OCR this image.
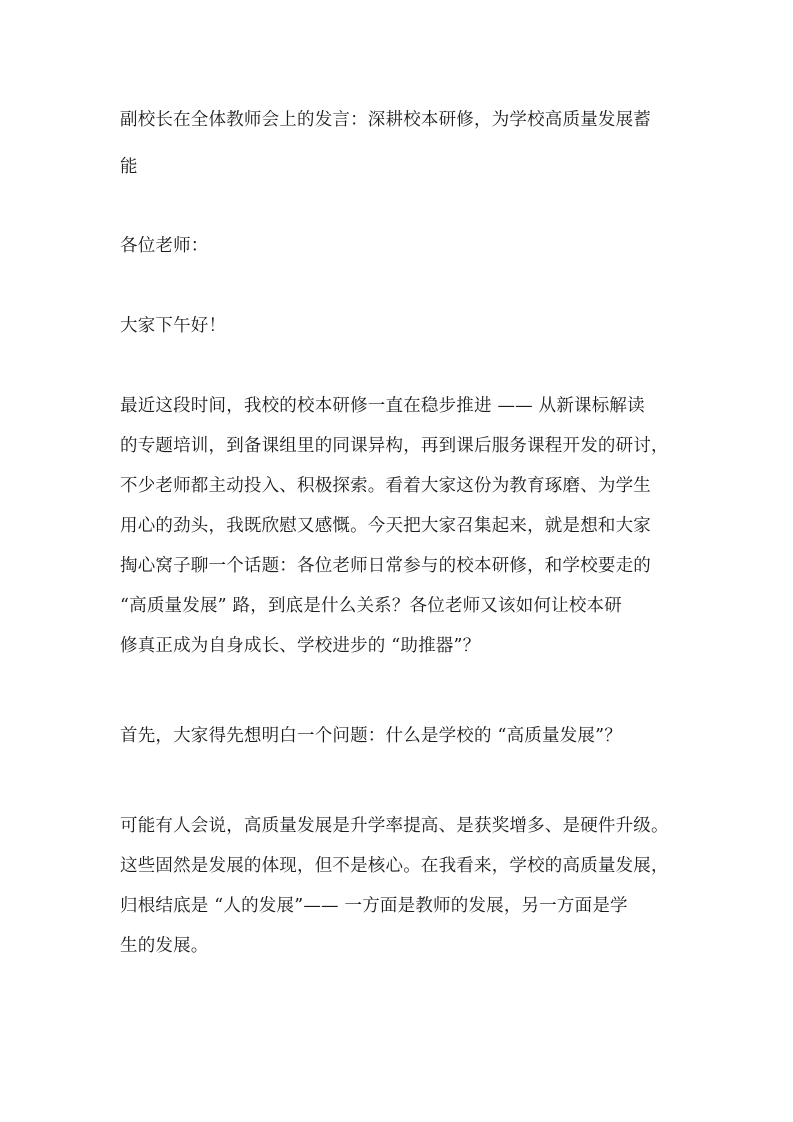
副校长在全体教师会上的发言：深耕校本研修，为学校高质量发展蓄
能
各位老师：
大家下午好！
最近这段时间，我校的校本研修一直在稳步推进 —— 从新课标解读
的专题培训，到备课组里的同课异构，再到课后服务课程开发的研讨，
不少老师都主动投入、积极探索。看着大家这份为教育琢磨、为学生
用心的劲头，我既欣慰又感慨。今天把大家召集起来，就是想和大家
掏心窝子聊一个话题：各位老师日常参与的校本研修，和学校要走的
“高质量发展” 路，到底是什么关系？各位老师又该如何让校本研
修真正成为自身成长、学校进步的 “助推器”？
首先，大家得先想明白一个问题：什么是学校的 “高质量发展”？
可能有人会说，高质量发展是升学率提高、是获奖增多、是硬件升级。
这些固然是发展的体现，但不是核心。在我看来，学校的高质量发展，
归根结底是 “人的发展”—— 一方面是教师的发展，另一方面是学
生的发展。
